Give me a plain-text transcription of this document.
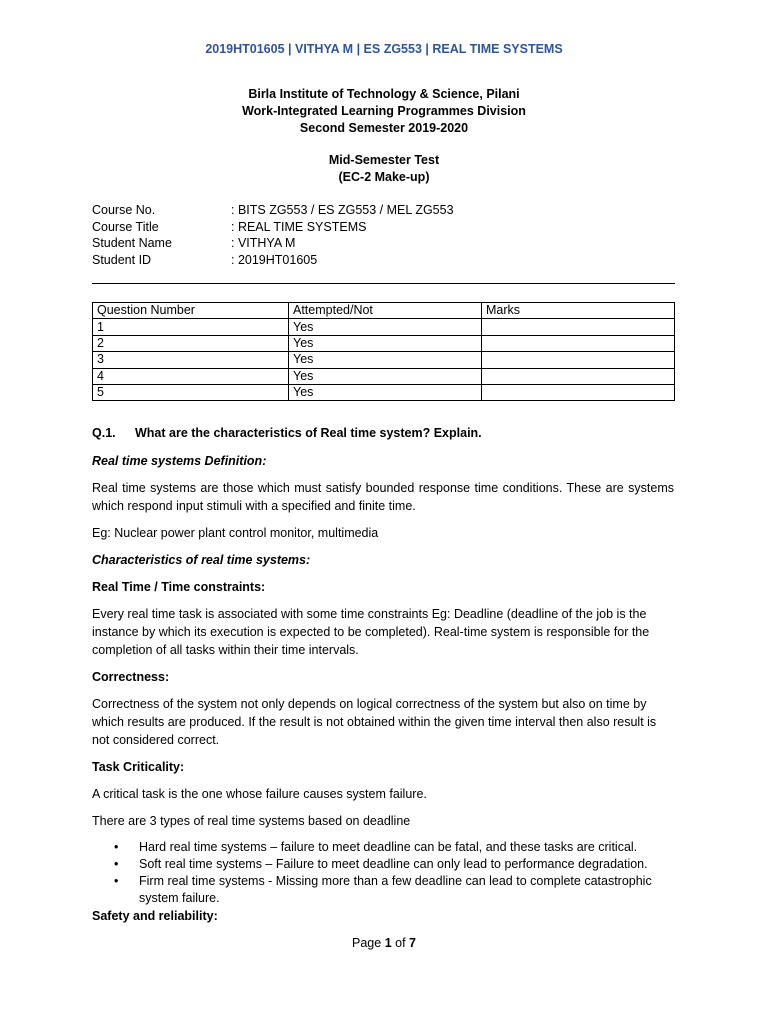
2019HT01605 | VITHYA M | ES ZG553 | REAL TIME SYSTEMS
Birla Institute of Technology & Science, Pilani
Work-Integrated Learning Programmes Division
Second Semester 2019-2020
Mid-Semester Test
(EC-2 Make-up)
Course No.	: BITS ZG553 / ES ZG553 / MEL ZG553
Course Title	: REAL TIME SYSTEMS
Student Name	: VITHYA M
Student ID	: 2019HT01605
Question Number	Attempted/Not	Marks
1	Yes	
2	Yes	
3	Yes	
4	Yes	
5	Yes	
Q.1. What are the characteristics of Real time system? Explain.

Real time systems Definition:

Real time systems are those which must satisfy bounded response time conditions. These are systems which respond input stimuli with a specified and finite time.

Eg: Nuclear power plant control monitor, multimedia

Characteristics of real time systems:

Real Time / Time constraints:

Every real time task is associated with some time constraints Eg: Deadline (deadline of the job is the instance by which its execution is expected to be completed). Real-time system is responsible for the completion of all tasks within their time intervals.

Correctness:

Correctness of the system not only depends on logical correctness of the system but also on time by which results are produced. If the result is not obtained within the given time interval then also result is not considered correct.

Task Criticality:

A critical task is the one whose failure causes system failure.

There are 3 types of real time systems based on deadline

• Hard real time systems – failure to meet deadline can be fatal, and these tasks are critical.
• Soft real time systems – Failure to meet deadline can only lead to performance degradation.
• Firm real time systems - Missing more than a few deadline can lead to complete catastrophic system failure.
Safety and reliability:
Page 1 of 7
